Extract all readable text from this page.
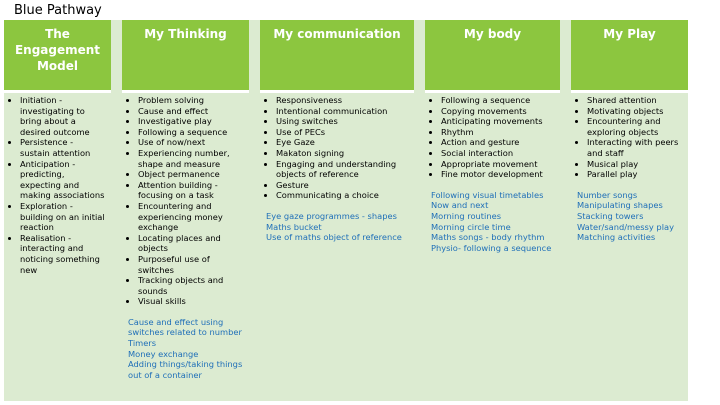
Blue Pathway
The Engagement Model
• Initiation - investigating to bring about a desired outcome
• Persistence - sustain attention
• Anticipation - predicting, expecting and making associations
• Exploration - building on an initial reaction
• Realisation - interacting and noticing something new
My Thinking
• Problem solving
• Cause and effect
• Investigative play
• Following a sequence
• Use of now/next
• Experiencing number, shape and measure
• Object permanence
• Attention building - focusing on a task
• Encountering and experiencing money exchange
• Locating places and objects
• Purposeful use of switches
• Tracking objects and sounds
• Visual skills
Cause and effect using switches related to number
Timers
Money exchange
Adding things/taking things out of a container
My communication
• Responsiveness
• Intentional communication
• Using switches
• Use of PECs
• Eye Gaze
• Makaton signing
• Engaging and understanding objects of reference
• Gesture
• Communicating a choice
Eye gaze programmes - shapes
Maths bucket
Use of maths object of reference
My body
• Following a sequence
• Copying movements
• Anticipating movements
• Rhythm
• Action and gesture
• Social interaction
• Appropriate movement
• Fine motor development
Following visual timetables
Now and next
Morning routines
Morning circle time
Maths songs - body rhythm
Physio- following a sequence
My Play
• Shared attention
• Motivating objects
• Encountering and exploring objects
• Interacting with peers and staff
• Musical play
• Parallel play
Number songs
Manipulating shapes
Stacking towers
Water/sand/messy play
Matching activities
